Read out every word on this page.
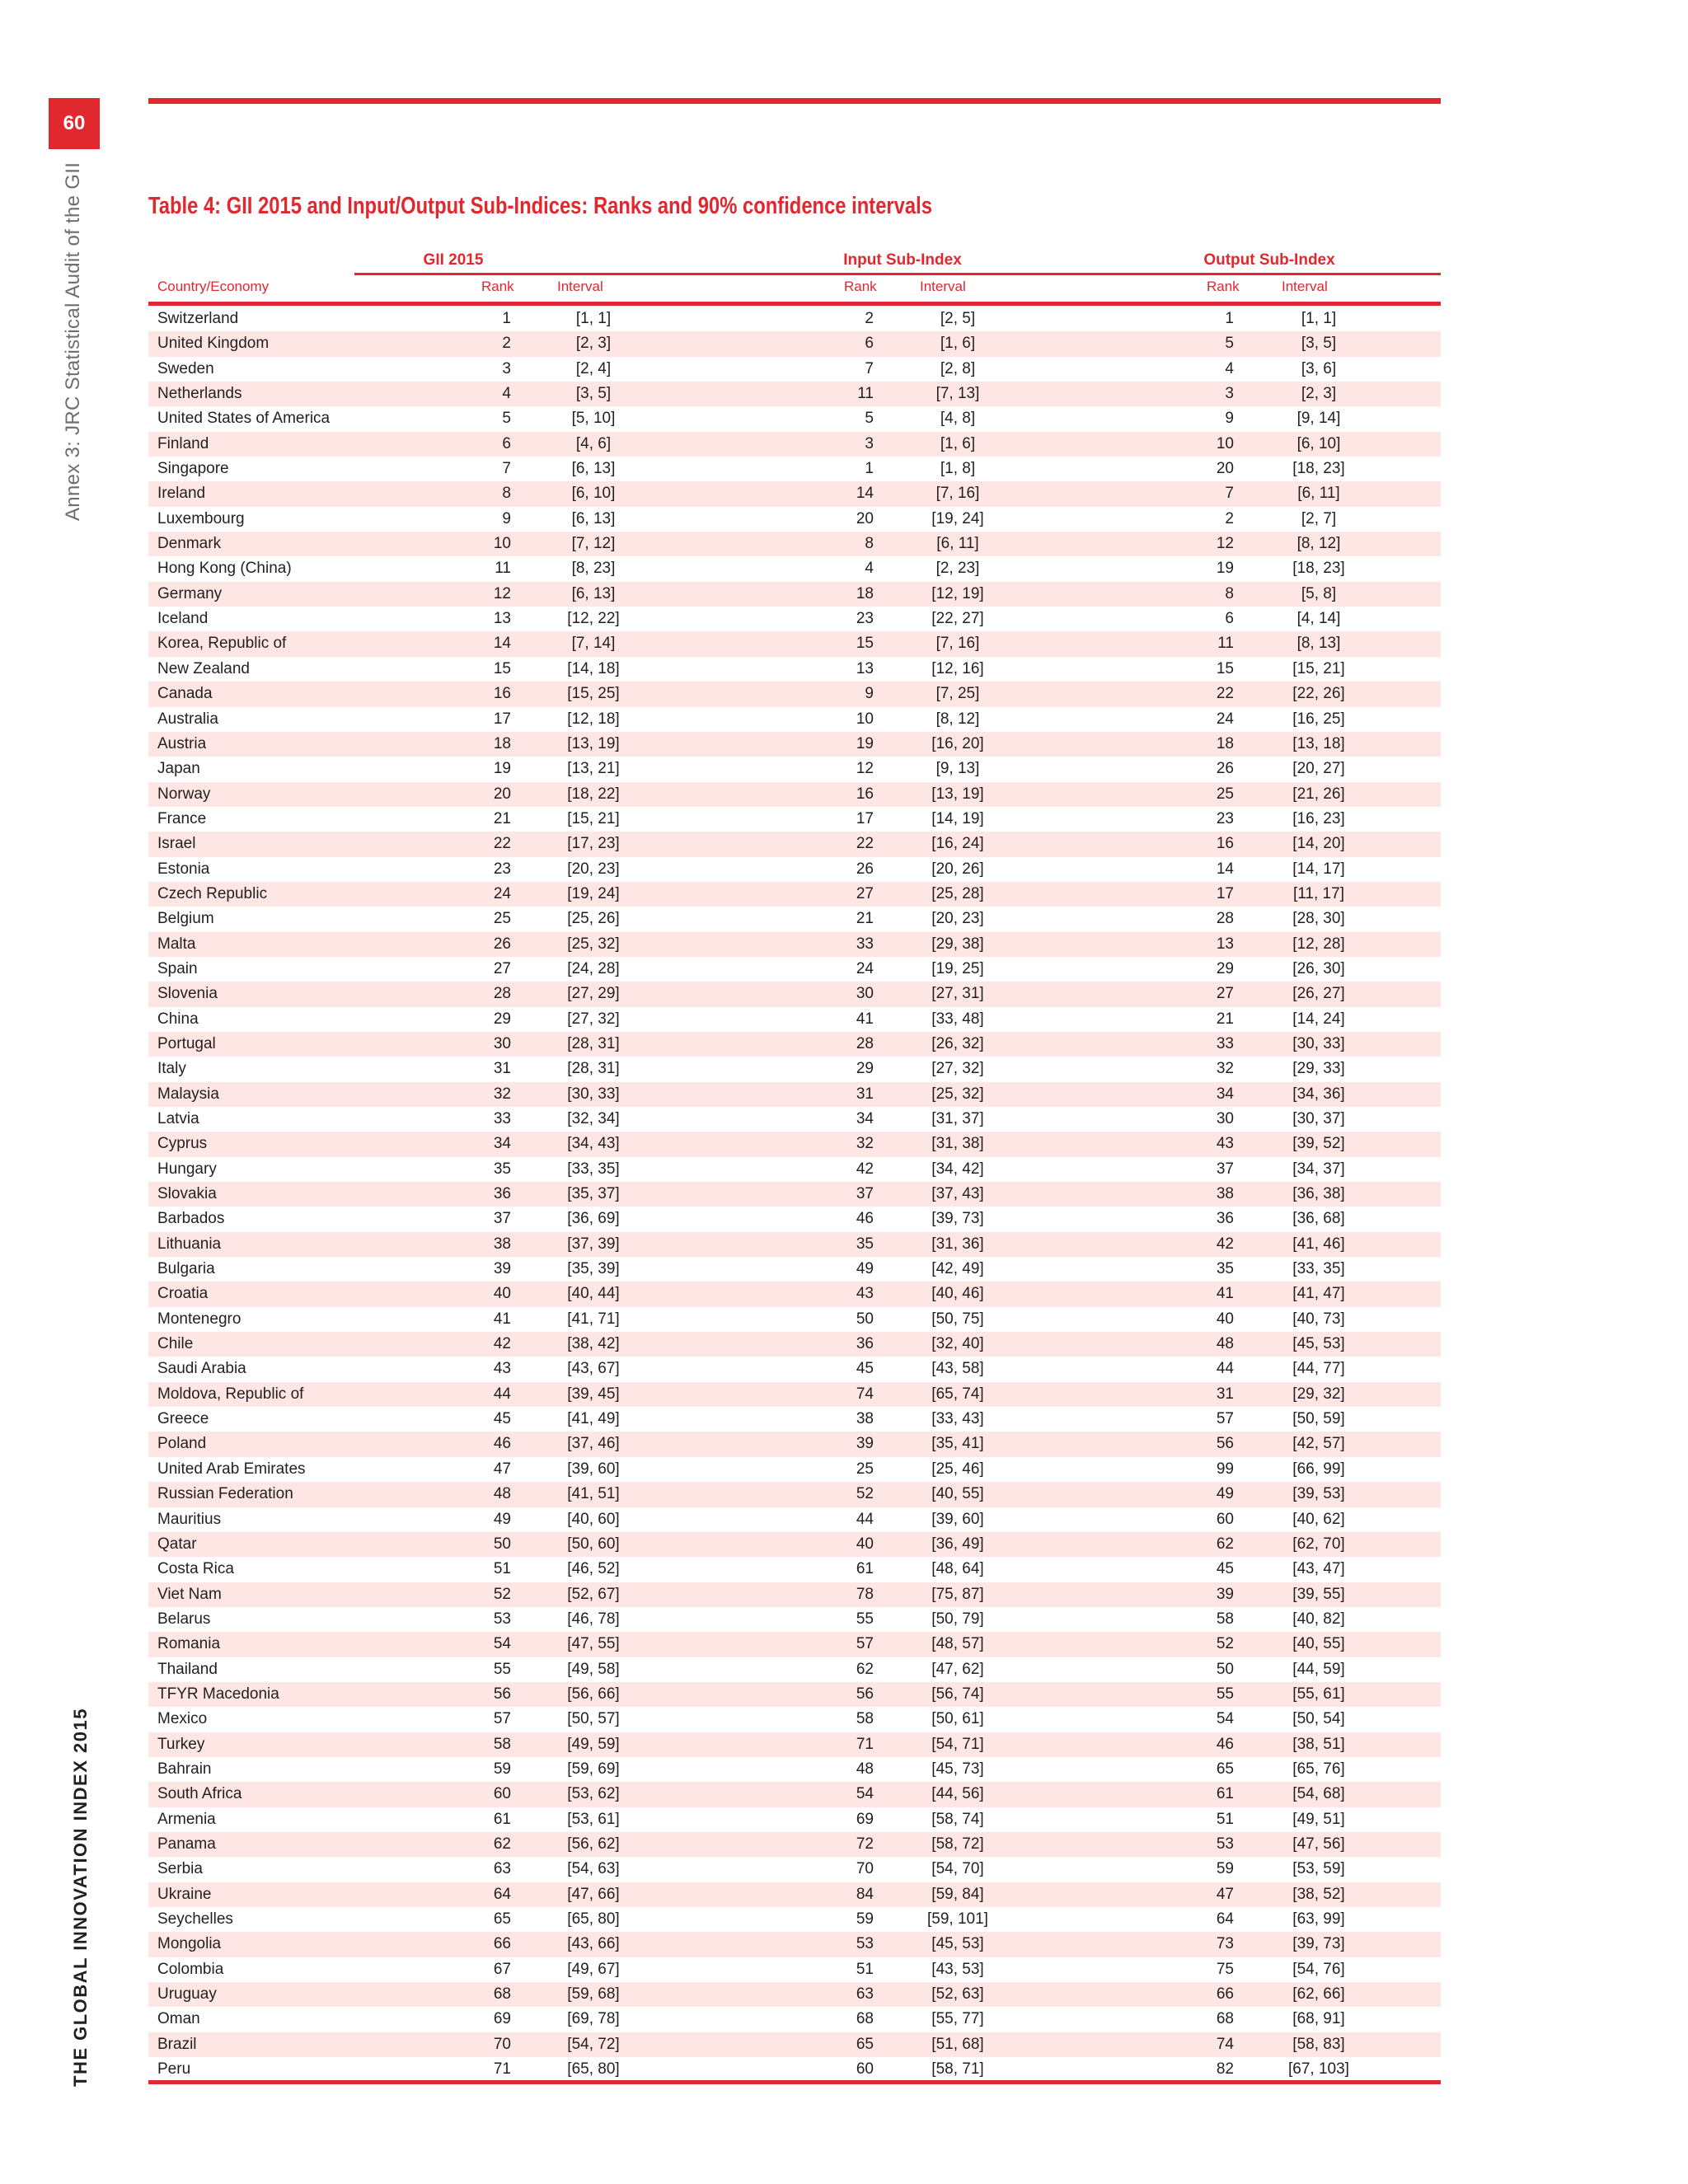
60
Annex 3: JRC Statistical Audit of the GII
THE GLOBAL INNOVATION INDEX 2015
Table 4: GII 2015 and Input/Output Sub-Indices: Ranks and 90% confidence intervals
GII 2015	Input Sub-Index	Output Sub-Index
Country/Economy	Rank	Interval	Rank	Interval	Rank	Interval
Switzerland	1	[1, 1]	2	[2, 5]	1	[1, 1]
United Kingdom	2	[2, 3]	6	[1, 6]	5	[3, 5]
Sweden	3	[2, 4]	7	[2, 8]	4	[3, 6]
Netherlands	4	[3, 5]	11	[7, 13]	3	[2, 3]
United States of America	5	[5, 10]	5	[4, 8]	9	[9, 14]
Finland	6	[4, 6]	3	[1, 6]	10	[6, 10]
Singapore	7	[6, 13]	1	[1, 8]	20	[18, 23]
Ireland	8	[6, 10]	14	[7, 16]	7	[6, 11]
Luxembourg	9	[6, 13]	20	[19, 24]	2	[2, 7]
Denmark	10	[7, 12]	8	[6, 11]	12	[8, 12]
Hong Kong (China)	11	[8, 23]	4	[2, 23]	19	[18, 23]
Germany	12	[6, 13]	18	[12, 19]	8	[5, 8]
Iceland	13	[12, 22]	23	[22, 27]	6	[4, 14]
Korea, Republic of	14	[7, 14]	15	[7, 16]	11	[8, 13]
New Zealand	15	[14, 18]	13	[12, 16]	15	[15, 21]
Canada	16	[15, 25]	9	[7, 25]	22	[22, 26]
Australia	17	[12, 18]	10	[8, 12]	24	[16, 25]
Austria	18	[13, 19]	19	[16, 20]	18	[13, 18]
Japan	19	[13, 21]	12	[9, 13]	26	[20, 27]
Norway	20	[18, 22]	16	[13, 19]	25	[21, 26]
France	21	[15, 21]	17	[14, 19]	23	[16, 23]
Israel	22	[17, 23]	22	[16, 24]	16	[14, 20]
Estonia	23	[20, 23]	26	[20, 26]	14	[14, 17]
Czech Republic	24	[19, 24]	27	[25, 28]	17	[11, 17]
Belgium	25	[25, 26]	21	[20, 23]	28	[28, 30]
Malta	26	[25, 32]	33	[29, 38]	13	[12, 28]
Spain	27	[24, 28]	24	[19, 25]	29	[26, 30]
Slovenia	28	[27, 29]	30	[27, 31]	27	[26, 27]
China	29	[27, 32]	41	[33, 48]	21	[14, 24]
Portugal	30	[28, 31]	28	[26, 32]	33	[30, 33]
Italy	31	[28, 31]	29	[27, 32]	32	[29, 33]
Malaysia	32	[30, 33]	31	[25, 32]	34	[34, 36]
Latvia	33	[32, 34]	34	[31, 37]	30	[30, 37]
Cyprus	34	[34, 43]	32	[31, 38]	43	[39, 52]
Hungary	35	[33, 35]	42	[34, 42]	37	[34, 37]
Slovakia	36	[35, 37]	37	[37, 43]	38	[36, 38]
Barbados	37	[36, 69]	46	[39, 73]	36	[36, 68]
Lithuania	38	[37, 39]	35	[31, 36]	42	[41, 46]
Bulgaria	39	[35, 39]	49	[42, 49]	35	[33, 35]
Croatia	40	[40, 44]	43	[40, 46]	41	[41, 47]
Montenegro	41	[41, 71]	50	[50, 75]	40	[40, 73]
Chile	42	[38, 42]	36	[32, 40]	48	[45, 53]
Saudi Arabia	43	[43, 67]	45	[43, 58]	44	[44, 77]
Moldova, Republic of	44	[39, 45]	74	[65, 74]	31	[29, 32]
Greece	45	[41, 49]	38	[33, 43]	57	[50, 59]
Poland	46	[37, 46]	39	[35, 41]	56	[42, 57]
United Arab Emirates	47	[39, 60]	25	[25, 46]	99	[66, 99]
Russian Federation	48	[41, 51]	52	[40, 55]	49	[39, 53]
Mauritius	49	[40, 60]	44	[39, 60]	60	[40, 62]
Qatar	50	[50, 60]	40	[36, 49]	62	[62, 70]
Costa Rica	51	[46, 52]	61	[48, 64]	45	[43, 47]
Viet Nam	52	[52, 67]	78	[75, 87]	39	[39, 55]
Belarus	53	[46, 78]	55	[50, 79]	58	[40, 82]
Romania	54	[47, 55]	57	[48, 57]	52	[40, 55]
Thailand	55	[49, 58]	62	[47, 62]	50	[44, 59]
TFYR Macedonia	56	[56, 66]	56	[56, 74]	55	[55, 61]
Mexico	57	[50, 57]	58	[50, 61]	54	[50, 54]
Turkey	58	[49, 59]	71	[54, 71]	46	[38, 51]
Bahrain	59	[59, 69]	48	[45, 73]	65	[65, 76]
South Africa	60	[53, 62]	54	[44, 56]	61	[54, 68]
Armenia	61	[53, 61]	69	[58, 74]	51	[49, 51]
Panama	62	[56, 62]	72	[58, 72]	53	[47, 56]
Serbia	63	[54, 63]	70	[54, 70]	59	[53, 59]
Ukraine	64	[47, 66]	84	[59, 84]	47	[38, 52]
Seychelles	65	[65, 80]	59	[59, 101]	64	[63, 99]
Mongolia	66	[43, 66]	53	[45, 53]	73	[39, 73]
Colombia	67	[49, 67]	51	[43, 53]	75	[54, 76]
Uruguay	68	[59, 68]	63	[52, 63]	66	[62, 66]
Oman	69	[69, 78]	68	[55, 77]	68	[68, 91]
Brazil	70	[54, 72]	65	[51, 68]	74	[58, 83]
Peru	71	[65, 80]	60	[58, 71]	82	[67, 103]
